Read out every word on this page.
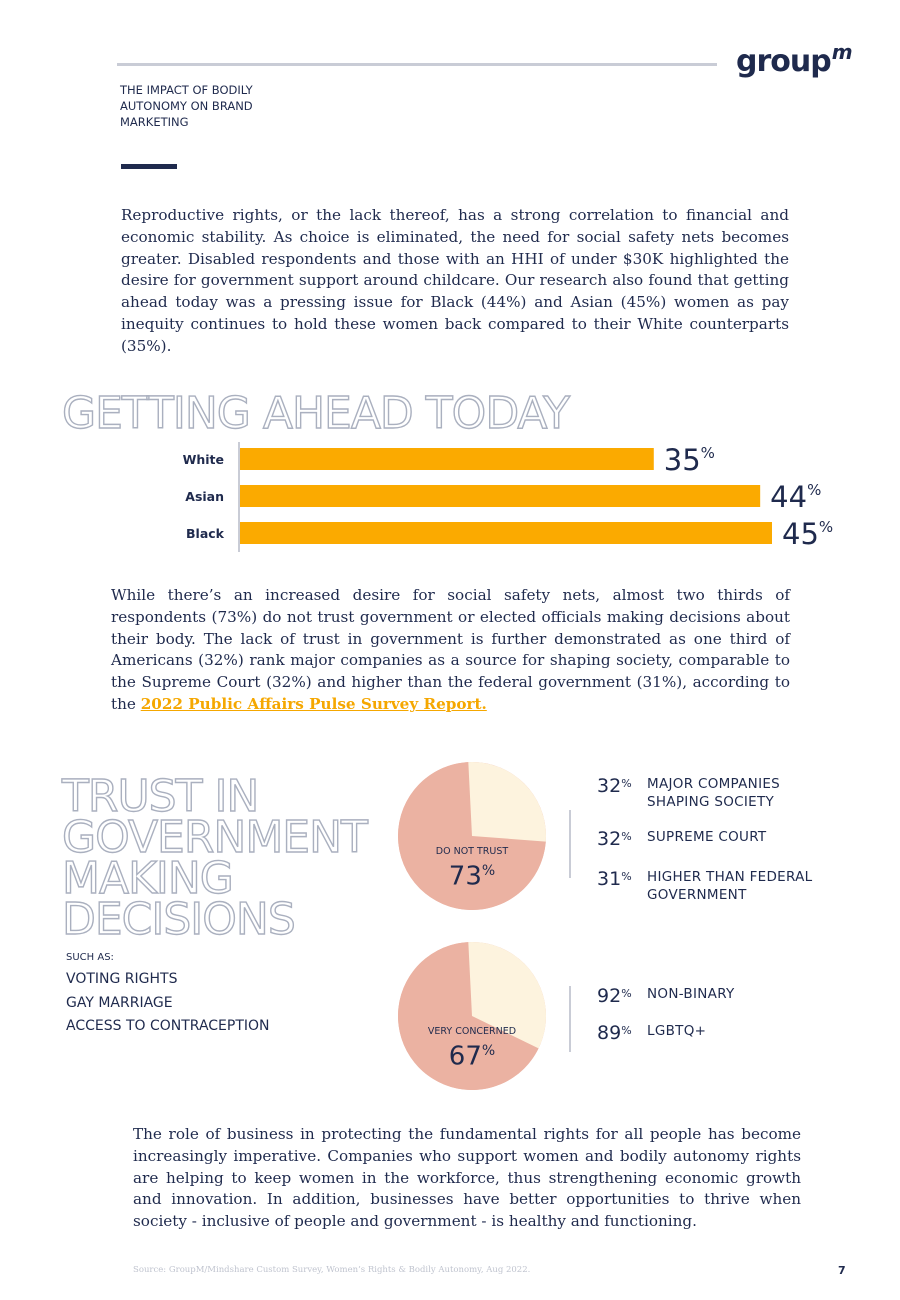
group$^m$
THE IMPACT OF BODILY AUTONOMY ON BRAND MARKETING

Reproductive rights, or the lack thereof, has a strong correlation to financial and economic stability. As choice is eliminated, the need for social safety nets becomes greater. Disabled respondents and those with an HHI of under $30K highlighted the desire for government support around childcare. Our research also found that getting ahead today was a pressing issue for Black (44%) and Asian (45%) women as pay inequity continues to hold these women back compared to their White counterparts (35%).

GETTING AHEAD TODAY
White	35%
Asian	44%
Black	45%

While there’s an increased desire for social safety nets, almost two thirds of respondents (73%) do not trust government or elected officials making decisions about their body. The lack of trust in government is further demonstrated as one third of Americans (32%) rank major companies as a source for shaping society, comparable to the Supreme Court (32%) and higher than the federal government (31%), according to the 2022 Public Affairs Pulse Survey Report.

TRUST IN GOVERNMENT MAKING DECISIONS
SUCH AS:
VOTING RIGHTS
GAY MARRIAGE
ACCESS TO CONTRACEPTION
DO NOT TRUST
73%
32%	MAJOR COMPANIES SHAPING SOCIETY
32%	SUPREME COURT
31%	HIGHER THAN FEDERAL GOVERNMENT
VERY CONCERNED
67%
92%	NON-BINARY
89%	LGBTQ+

The role of business in protecting the fundamental rights for all people has become increasingly imperative. Companies who support women and bodily autonomy rights are helping to keep women in the workforce, thus strengthening economic growth and innovation. In addition, businesses have better opportunities to thrive when society - inclusive of people and government - is healthy and functioning.

Source: GroupM/Mindshare Custom Survey, Women’s Rights & Bodily Autonomy, Aug 2022.	7
